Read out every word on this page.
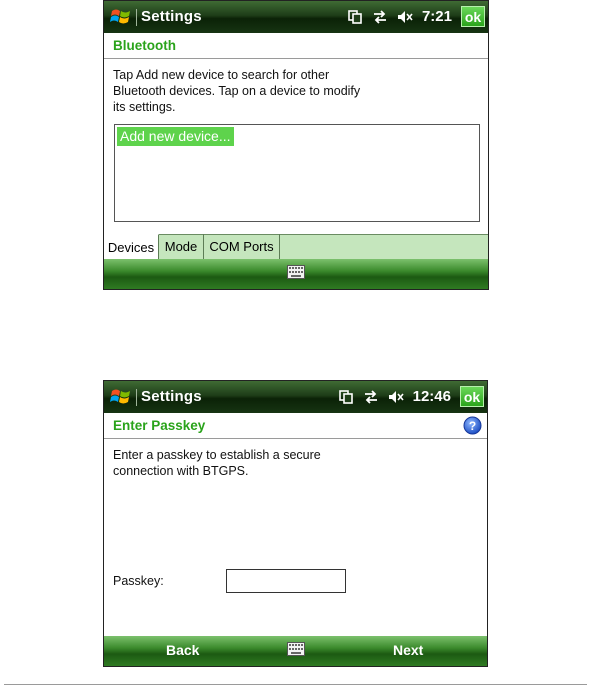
Settings	7:21 ok
Bluetooth
Tap Add new device to search for other
Bluetooth devices. Tap on a device to modify
its settings.
Add new device...
Devices Mode COM Ports
Settings	12:46 ok
Enter Passkey	?
Enter a passkey to establish a secure
connection with BTGPS.
Passkey:
Back	Next
